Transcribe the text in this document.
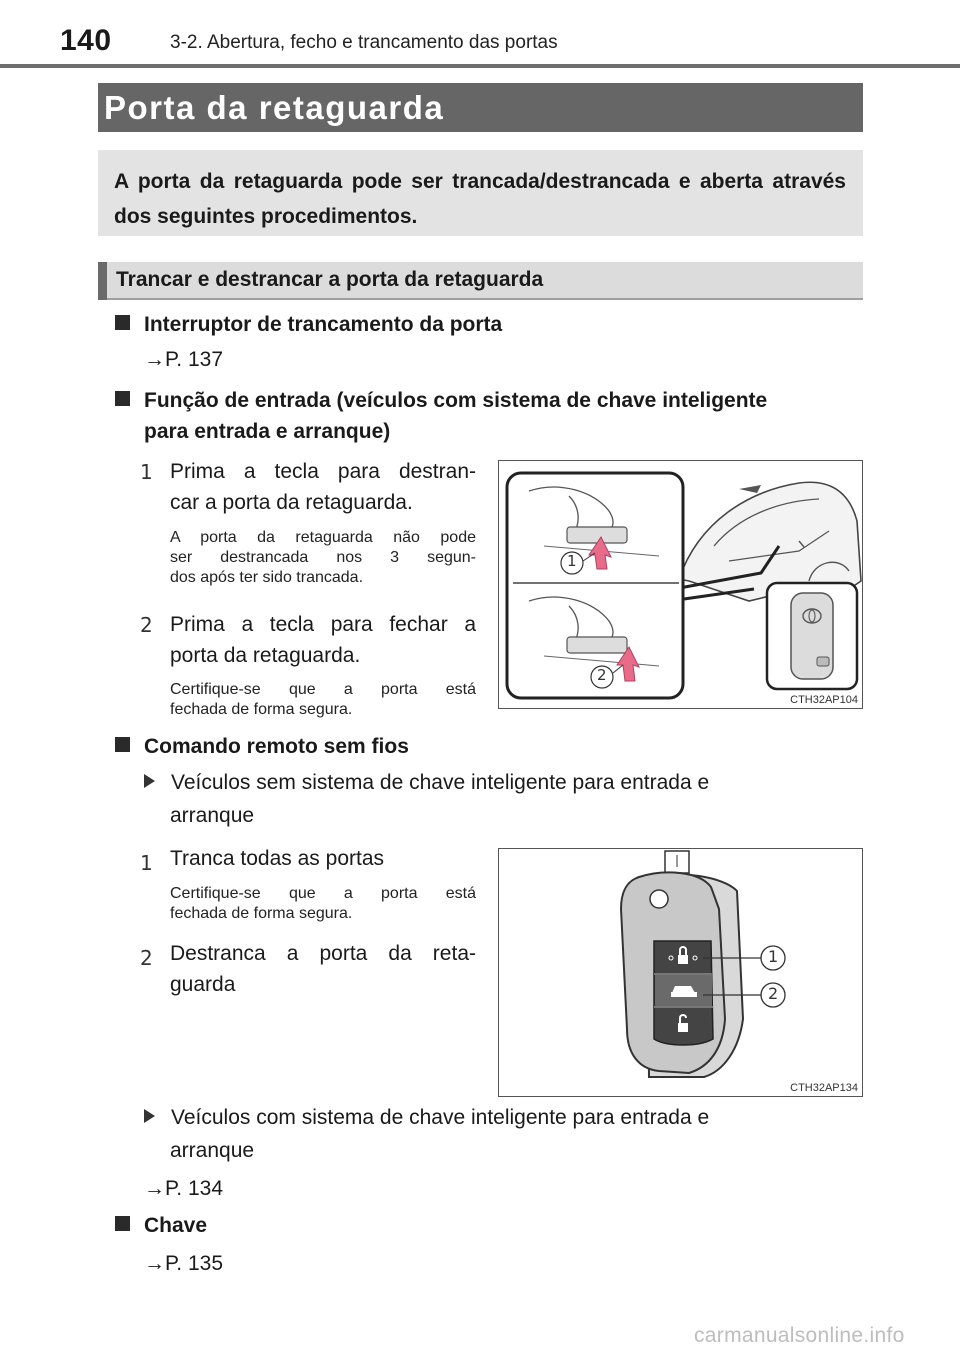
140	3-2. Abertura, fecho e trancamento das portas
Porta da retaguarda

A porta da retaguarda pode ser trancada/destrancada e aberta através dos seguintes procedimentos.

Trancar e destrancar a porta da retaguarda
Interruptor de trancamento da porta
→P. 137
Função de entrada (veículos com sistema de chave inteligente
para entrada e arranque)
1 Prima a tecla para destran-
car a porta da retaguarda.
A porta da retaguarda não pode
ser destrancada nos 3 segun-
dos após ter sido trancada.
2 Prima a tecla para fechar a
porta da retaguarda.
Certifique-se que a porta está
fechada de forma segura.
1
2
CTH32AP104
Comando remoto sem fios
Veículos sem sistema de chave inteligente para entrada e
arranque
1 Tranca todas as portas
Certifique-se que a porta está
fechada de forma segura.
2 Destranca a porta da reta-
guarda
1
2
CTH32AP134
Veículos com sistema de chave inteligente para entrada e
arranque
→P. 134
Chave
→P. 135
carmanualsonline.info
